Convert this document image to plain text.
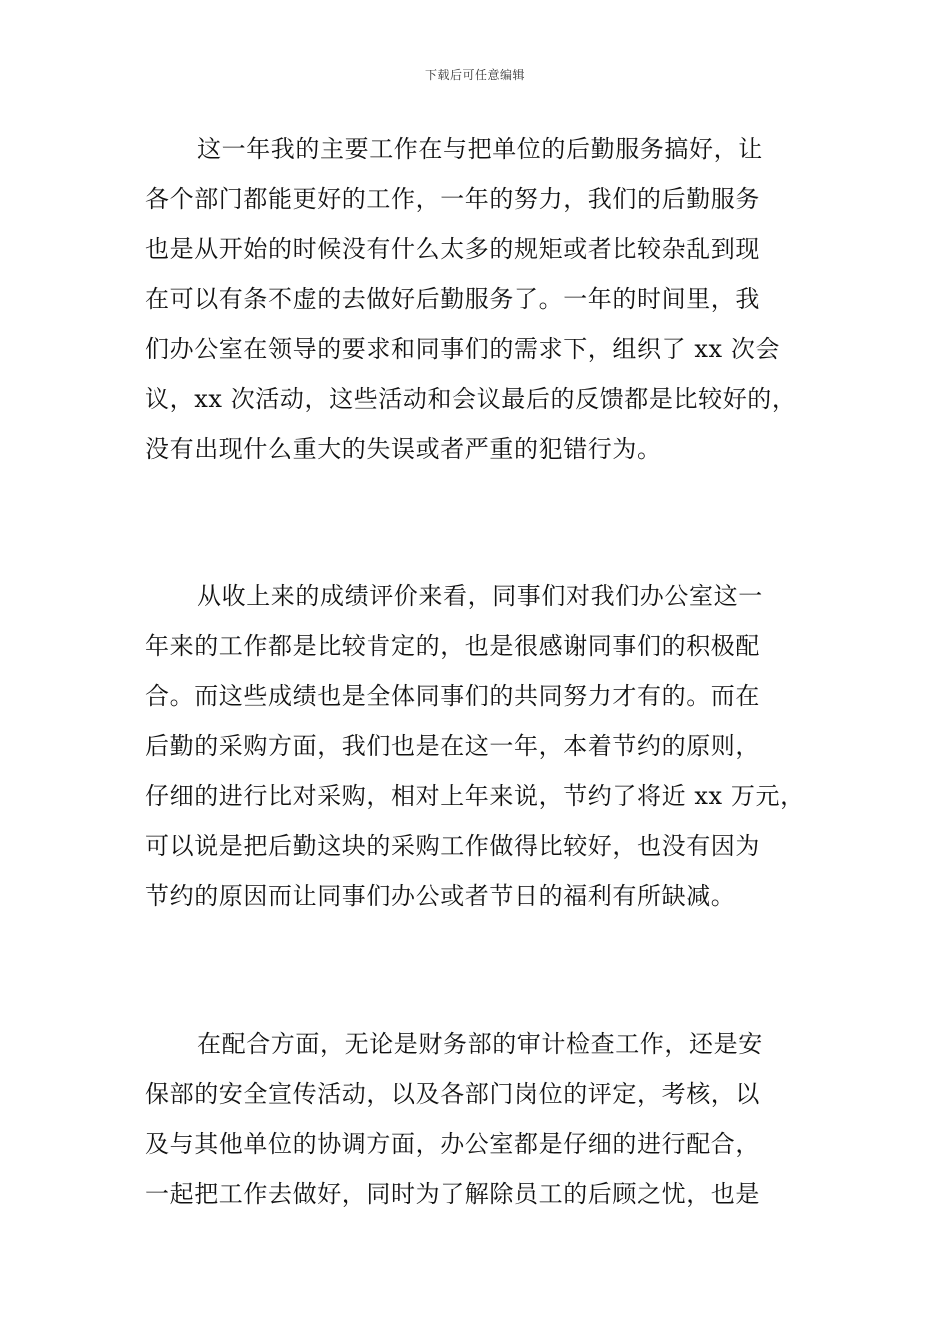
下载后可任意编辑
这一年我的主要工作在与把单位的后勤服务搞好，让
各个部门都能更好的工作，一年的努力，我们的后勤服务
也是从开始的时候没有什么太多的规矩或者比较杂乱到现
在可以有条不虚的去做好后勤服务了。一年的时间里，我
们办公室在领导的要求和同事们的需求下，组织了 xx 次会
议，xx 次活动，这些活动和会议最后的反馈都是比较好的，
没有出现什么重大的失误或者严重的犯错行为。
从收上来的成绩评价来看，同事们对我们办公室这一
年来的工作都是比较肯定的，也是很感谢同事们的积极配
合。而这些成绩也是全体同事们的共同努力才有的。而在
后勤的采购方面，我们也是在这一年，本着节约的原则，
仔细的进行比对采购，相对上年来说，节约了将近 xx 万元，
可以说是把后勤这块的采购工作做得比较好，也没有因为
节约的原因而让同事们办公或者节日的福利有所缺减。
在配合方面，无论是财务部的审计检查工作，还是安
保部的安全宣传活动，以及各部门岗位的评定，考核，以
及与其他单位的协调方面，办公室都是仔细的进行配合，
一起把工作去做好，同时为了解除员工的后顾之忧，也是
